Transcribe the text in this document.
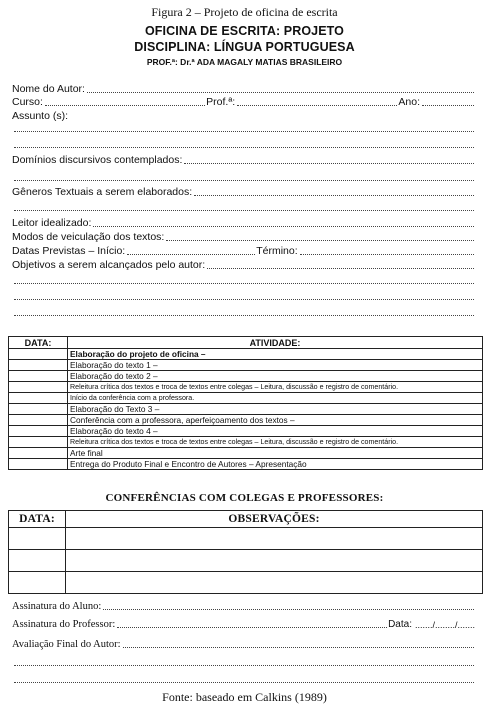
Figura 2 – Projeto de oficina de escrita
OFICINA DE ESCRITA: PROJETO
DISCIPLINA: LÍNGUA PORTUGUESA
PROF.ª: Dr.ª ADA MAGALY MATIAS BRASILEIRO
Nome do Autor:
Curso:	Prof.ª:	Ano:
Assunto (s):
Domínios discursivos contemplados:
Gêneros Textuais a serem elaborados:
Leitor idealizado:
Modos de veiculação dos textos:
Datas Previstas – Início:	Término:
Objetivos a serem alcançados pelo autor:
DATA:	ATIVIDADE:
	Elaboração do projeto de oficina –
	Elaboração do texto 1 –
	Elaboração do texto 2 –
	Releitura crítica dos textos e troca de textos entre colegas – Leitura, discussão e registro de comentário.
	Início da conferência com a professora.
	Elaboração do Texto 3 –
	Conferência com a professora, aperfeiçoamento dos textos –
	Elaboração do texto 4 –
	Releitura crítica dos textos e troca de textos entre colegas – Leitura, discussão e registro de comentário.
	Arte final
	Entrega do Produto Final e Encontro de Autores – Apresentação
CONFERÊNCIAS COM COLEGAS E PROFESSORES:
DATA:	OBSERVAÇÕES:

Assinatura do Aluno:
Assinatura do Professor:	Data: ......./......../.......
Avaliação Final do Autor:
Fonte: baseado em Calkins (1989)
